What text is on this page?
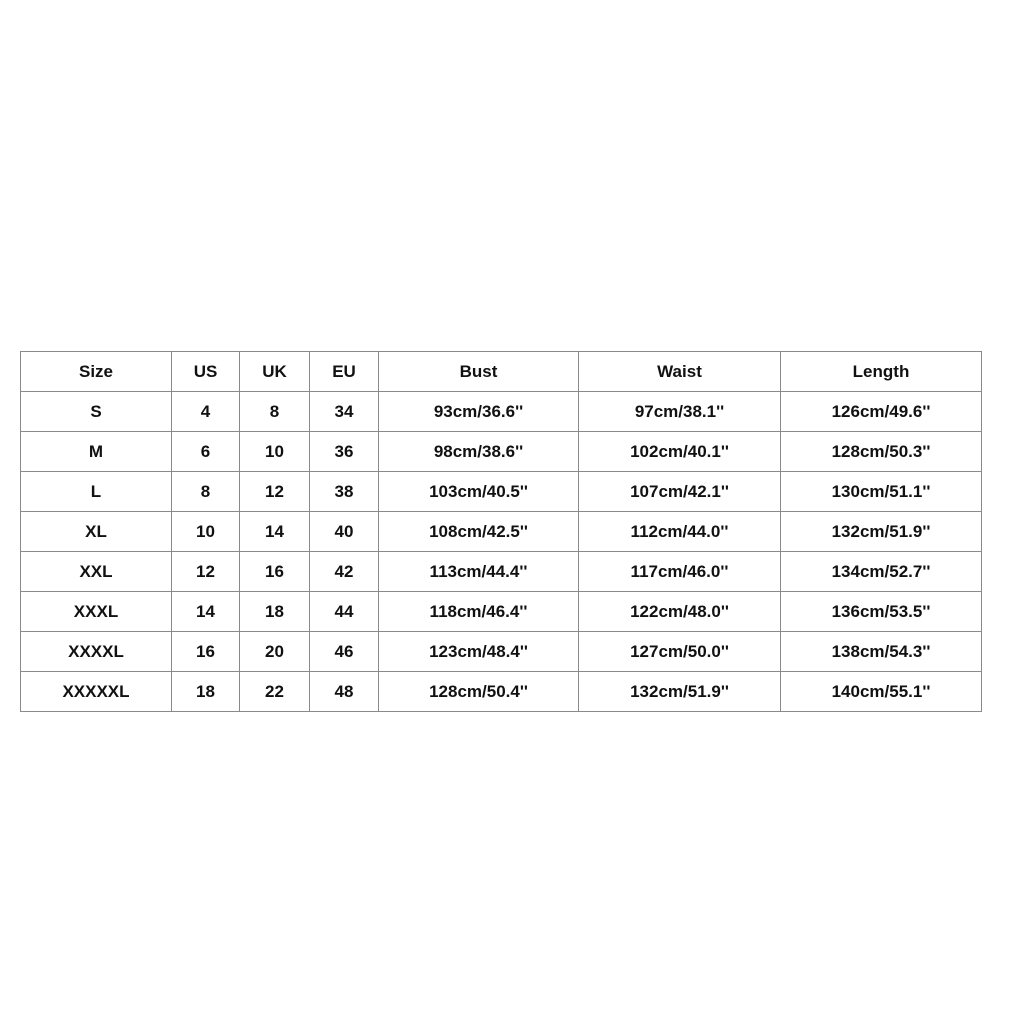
Size	US	UK	EU	Bust	Waist	Length
S	4	8	34	93cm/36.6''	97cm/38.1''	126cm/49.6''
M	6	10	36	98cm/38.6''	102cm/40.1''	128cm/50.3''
L	8	12	38	103cm/40.5''	107cm/42.1''	130cm/51.1''
XL	10	14	40	108cm/42.5''	112cm/44.0''	132cm/51.9''
XXL	12	16	42	113cm/44.4''	117cm/46.0''	134cm/52.7''
XXXL	14	18	44	118cm/46.4''	122cm/48.0''	136cm/53.5''
XXXXL	16	20	46	123cm/48.4''	127cm/50.0''	138cm/54.3''
XXXXXL	18	22	48	128cm/50.4''	132cm/51.9''	140cm/55.1''
